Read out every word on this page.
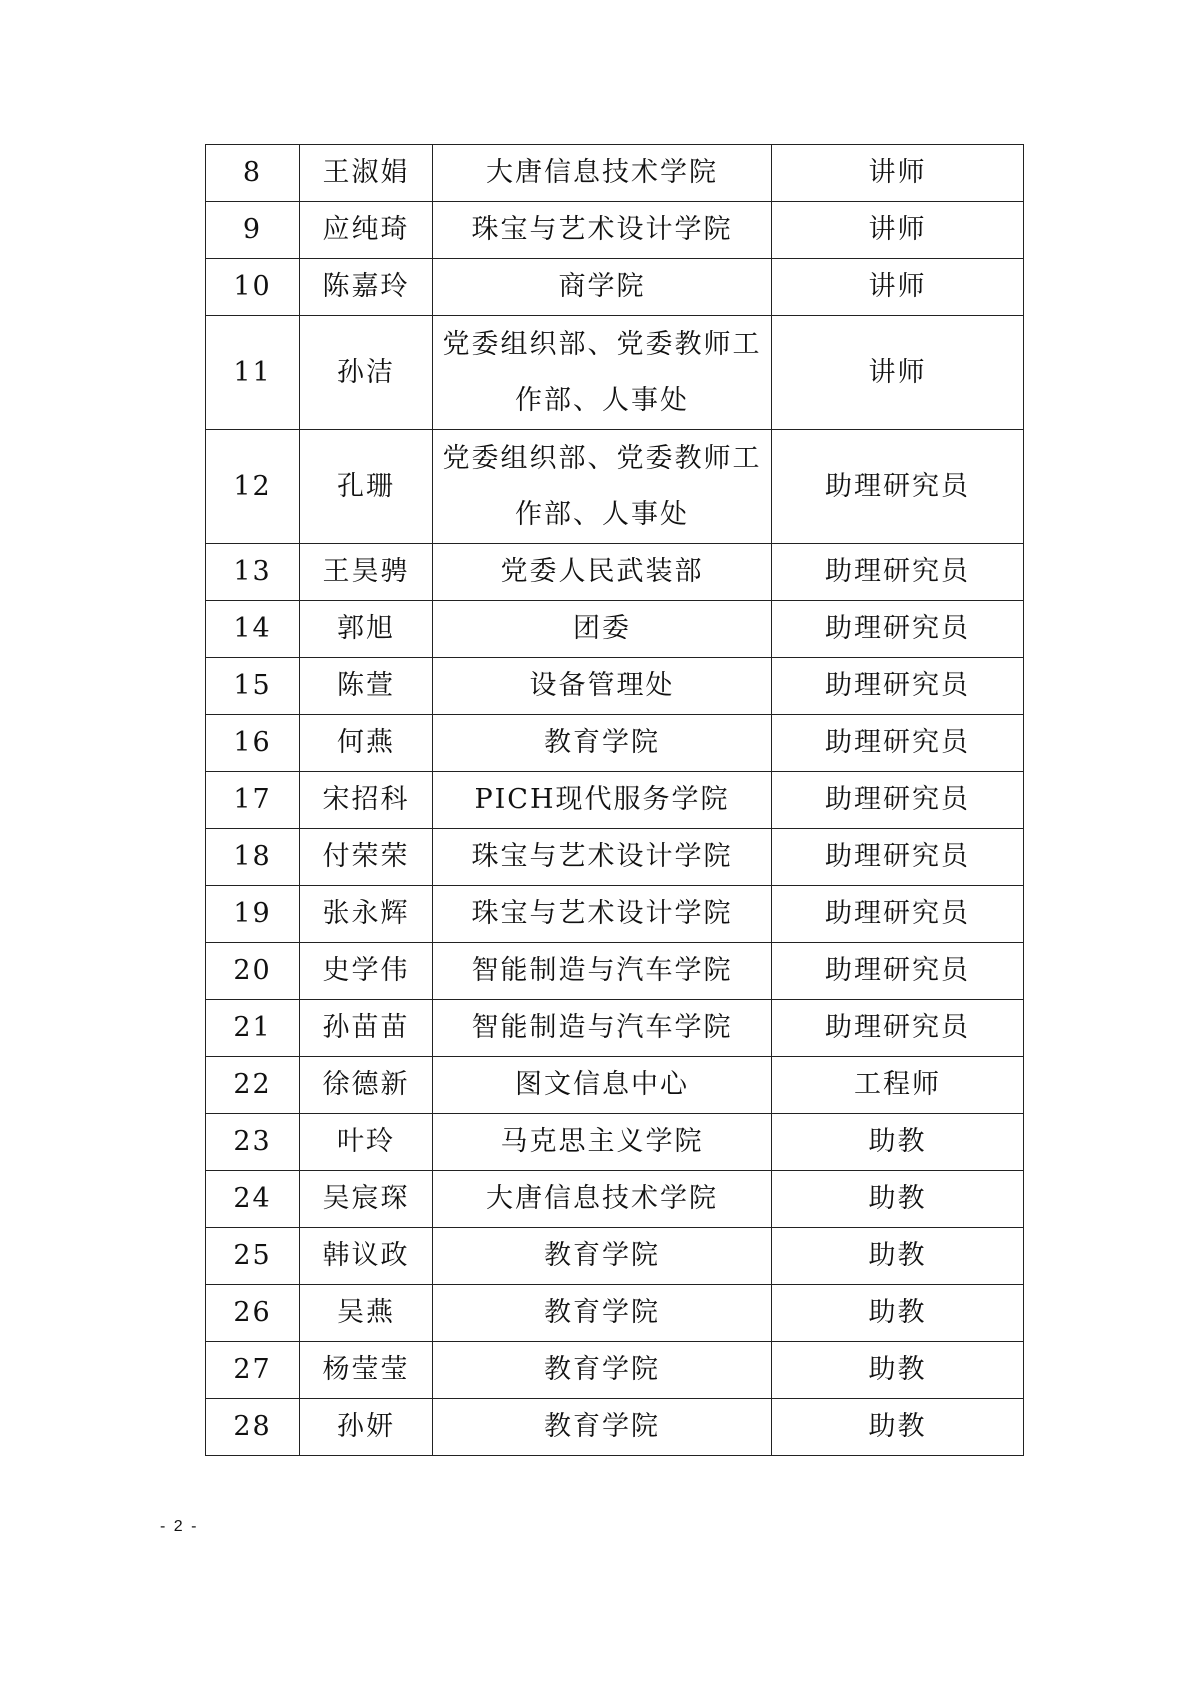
8	王淑娟	大唐信息技术学院	讲师
9	应纯琦	珠宝与艺术设计学院	讲师
10	陈嘉玲	商学院	讲师
11	孙洁	党委组织部、党委教师工作部、人事处	讲师
12	孔珊	党委组织部、党委教师工作部、人事处	助理研究员
13	王昊骋	党委人民武装部	助理研究员
14	郭旭	团委	助理研究员
15	陈萱	设备管理处	助理研究员
16	何燕	教育学院	助理研究员
17	宋招科	PICH现代服务学院	助理研究员
18	付荣荣	珠宝与艺术设计学院	助理研究员
19	张永辉	珠宝与艺术设计学院	助理研究员
20	史学伟	智能制造与汽车学院	助理研究员
21	孙苗苗	智能制造与汽车学院	助理研究员
22	徐德新	图文信息中心	工程师
23	叶玲	马克思主义学院	助教
24	吴宸琛	大唐信息技术学院	助教
25	韩议政	教育学院	助教
26	吴燕	教育学院	助教
27	杨莹莹	教育学院	助教
28	孙妍	教育学院	助教
- 2 -
